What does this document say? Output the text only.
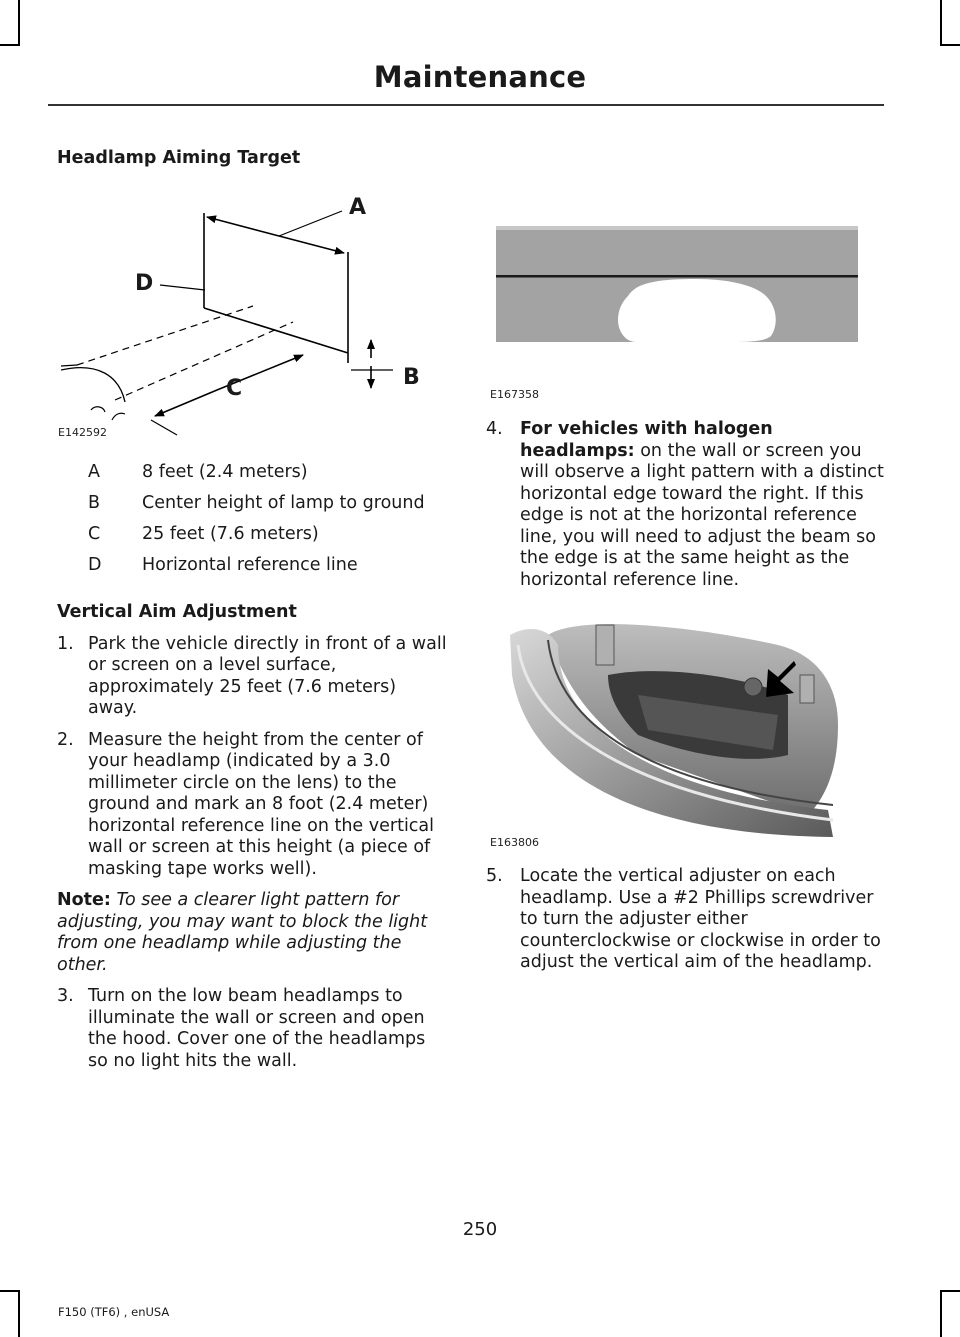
Maintenance
Headlamp Aiming Target
A
D
B
C
E142592
A 8 feet (2.4 meters)
B Center height of lamp to ground
C 25 feet (7.6 meters)
D Horizontal reference line
Vertical Aim Adjustment
1. Park the vehicle directly in front of a wall or screen on a level surface, approximately 25 feet (7.6 meters) away.
2. Measure the height from the center of your headlamp (indicated by a 3.0 millimeter circle on the lens) to the ground and mark an 8 foot (2.4 meter) horizontal reference line on the vertical wall or screen at this height (a piece of masking tape works well).
Note: To see a clearer light pattern for adjusting, you may want to block the light from one headlamp while adjusting the other.
3. Turn on the low beam headlamps to illuminate the wall or screen and open the hood. Cover one of the headlamps so no light hits the wall.
E167358
4. For vehicles with halogen headlamps: on the wall or screen you will observe a light pattern with a distinct horizontal edge toward the right. If this edge is not at the horizontal reference line, you will need to adjust the beam so the edge is at the same height as the horizontal reference line.
E163806
5. Locate the vertical adjuster on each headlamp. Use a #2 Phillips screwdriver to turn the adjuster either counterclockwise or clockwise in order to adjust the vertical aim of the headlamp.
250
F150 (TF6) , enUSA
